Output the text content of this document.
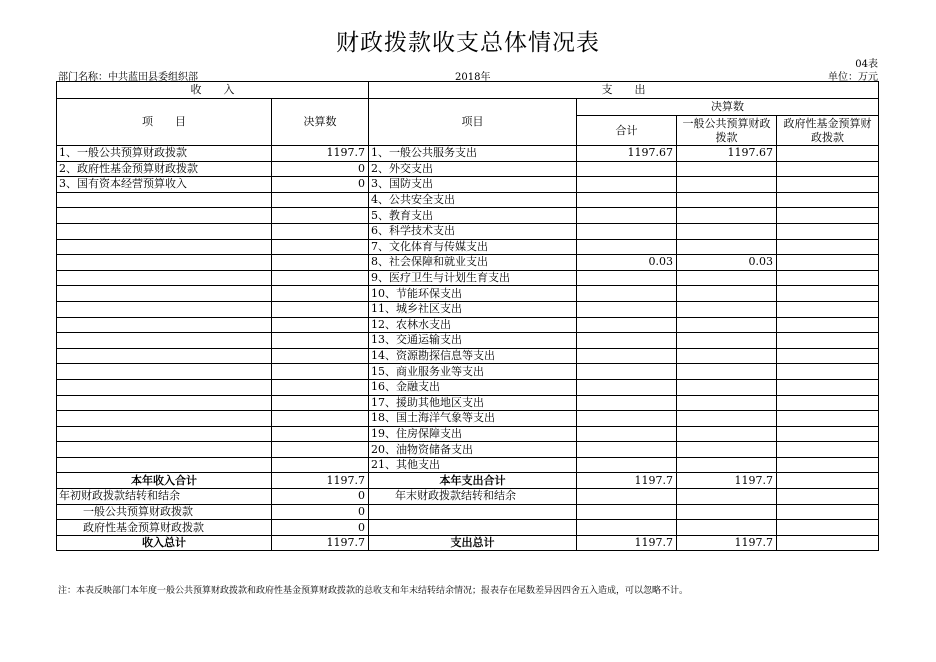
财政拨款收支总体情况表
04表
部门名称：中共蓝田县委组织部	2018年	单位：万元
收　　入		支　　出			
项　　目	决算数	项目	决算数		
			合计	一般公共预算财政拨款	政府性基金预算财政拨款
1、一般公共预算财政拨款	1197.7	1、一般公共服务支出	1197.67	1197.67	
2、政府性基金预算财政拨款	0	2、外交支出			
3、国有资本经营预算收入	0	3、国防支出			
		4、公共安全支出			
		5、教育支出			
		6、科学技术支出			
		7、文化体育与传媒支出			
		8、社会保障和就业支出	0.03	0.03	
		9、医疗卫生与计划生育支出			
		10、节能环保支出			
		11、城乡社区支出			
		12、农林水支出			
		13、交通运输支出			
		14、资源勘探信息等支出			
		15、商业服务业等支出			
		16、金融支出			
		17、援助其他地区支出			
		18、国土海洋气象等支出			
		19、住房保障支出			
		20、油物资储备支出			
		21、其他支出			
本年收入合计	1197.7	本年支出合计	1197.7	1197.7	
年初财政拨款结转和结余	0	年末财政拨款结转和结余			
一般公共预算财政拨款	0				
政府性基金预算财政拨款	0				
收入总计	1197.7	支出总计	1197.7	1197.7	
注：本表反映部门本年度一般公共预算财政拨款和政府性基金预算财政拨款的总收支和年末结转结余情况；报表存在尾数差异因四舍五入造成，可以忽略不计。
